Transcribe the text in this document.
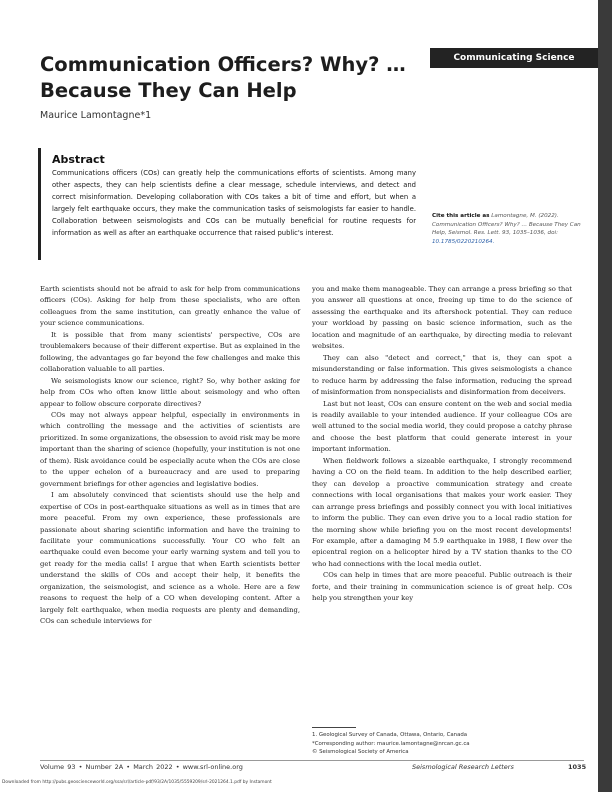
Communicating Science
Communication Officers? Why? … Because They Can Help
Maurice Lamontagne*1
Abstract

Communications officers (COs) can greatly help the communications efforts of scientists. Among many other aspects, they can help scientists define a clear message, schedule interviews, and detect and correct misinformation. Developing collaboration with COs takes a bit of time and effort, but when a largely felt earthquake occurs, they make the communication tasks of seismologists far easier to handle. Collaboration between seismologists and COs can be mutually beneficial for routine requests for information as well as after an earthquake occurrence that raised public's interest.

Cite this article as Lamontagne, M. (2022). Communication Officers? Why? … Because They Can Help, Seismol. Res. Lett. 93, 1035–1036, doi: 10.1785/0220210264.

Earth scientists should not be afraid to ask for help from communications officers (COs). Asking for help from these specialists, who are often colleagues from the same institution, can greatly enhance the value of your science communications.

It is possible that from many scientists' perspective, COs are troublemakers because of their different expertise. But as explained in the following, the advantages go far beyond the few challenges and make this collaboration valuable to all parties.

We seismologists know our science, right? So, why bother asking for help from COs who often know little about seismology and who often appear to follow obscure corporate directives?

COs may not always appear helpful, especially in environments in which controlling the message and the activities of scientists are prioritized. In some organizations, the obsession to avoid risk may be more important than the sharing of science (hopefully, your institution is not one of them). Risk avoidance could be especially acute when the COs are close to the upper echelon of a bureaucracy and are used to preparing government briefings for other agencies and legislative bodies.

I am absolutely convinced that scientists should use the help and expertise of COs in post-earthquake situations as well as in times that are more peaceful. From my own experience, these professionals are passionate about sharing scientific information and have the training to facilitate your communications successfully. Your CO who felt an earthquake could even become your early warning system and tell you to get ready for the media calls! I argue that when Earth scientists better understand the skills of COs and accept their help, it benefits the organization, the seismologist, and science as a whole. Here are a few reasons to request the help of a CO when developing content. After a largely felt earthquake, when media requests are plenty and demanding, COs can schedule interviews for

you and make them manageable. They can arrange a press briefing so that you answer all questions at once, freeing up time to do the science of assessing the earthquake and its aftershock potential. They can reduce your workload by passing on basic science information, such as the location and magnitude of an earthquake, by directing media to relevant websites.

They can also "detect and correct," that is, they can spot a misunderstanding or false information. This gives seismologists a chance to reduce harm by addressing the false information, reducing the spread of misinformation from nonspecialists and disinformation from deceivers.

Last but not least, COs can ensure content on the web and social media is readily available to your intended audience. If your colleague COs are well attuned to the social media world, they could propose a catchy phrase and choose the best platform that could generate interest in your important information.

When fieldwork follows a sizeable earthquake, I strongly recommend having a CO on the field team. In addition to the help described earlier, they can develop a proactive communication strategy and create connections with local organisations that makes your work easier. They can arrange press briefings and possibly connect you with local initiatives to inform the public. They can even drive you to a local radio station for the morning show while briefing you on the most recent developments! For example, after a damaging M 5.9 earthquake in 1988, I flew over the epicentral region on a helicopter hired by a TV station thanks to the CO who had connections with the local media outlet.

COs can help in times that are more peaceful. Public outreach is their forte, and their training in communication science is of great help. COs help you strengthen your key

1. Geological Survey of Canada, Ottawa, Ontario, Canada

*Corresponding author: maurice.lamontagne@nrcan.gc.ca

© Seismological Society of America

Volume 93 • Number 2A • March 2022 • www.srl-online.org	Seismological Research Letters	1035

Downloaded from http://pubs.geoscienceworld.org/ssa/srl/article-pdf/93/2A/1035/5559209/srl-2021264.1.pdf by Instamont
